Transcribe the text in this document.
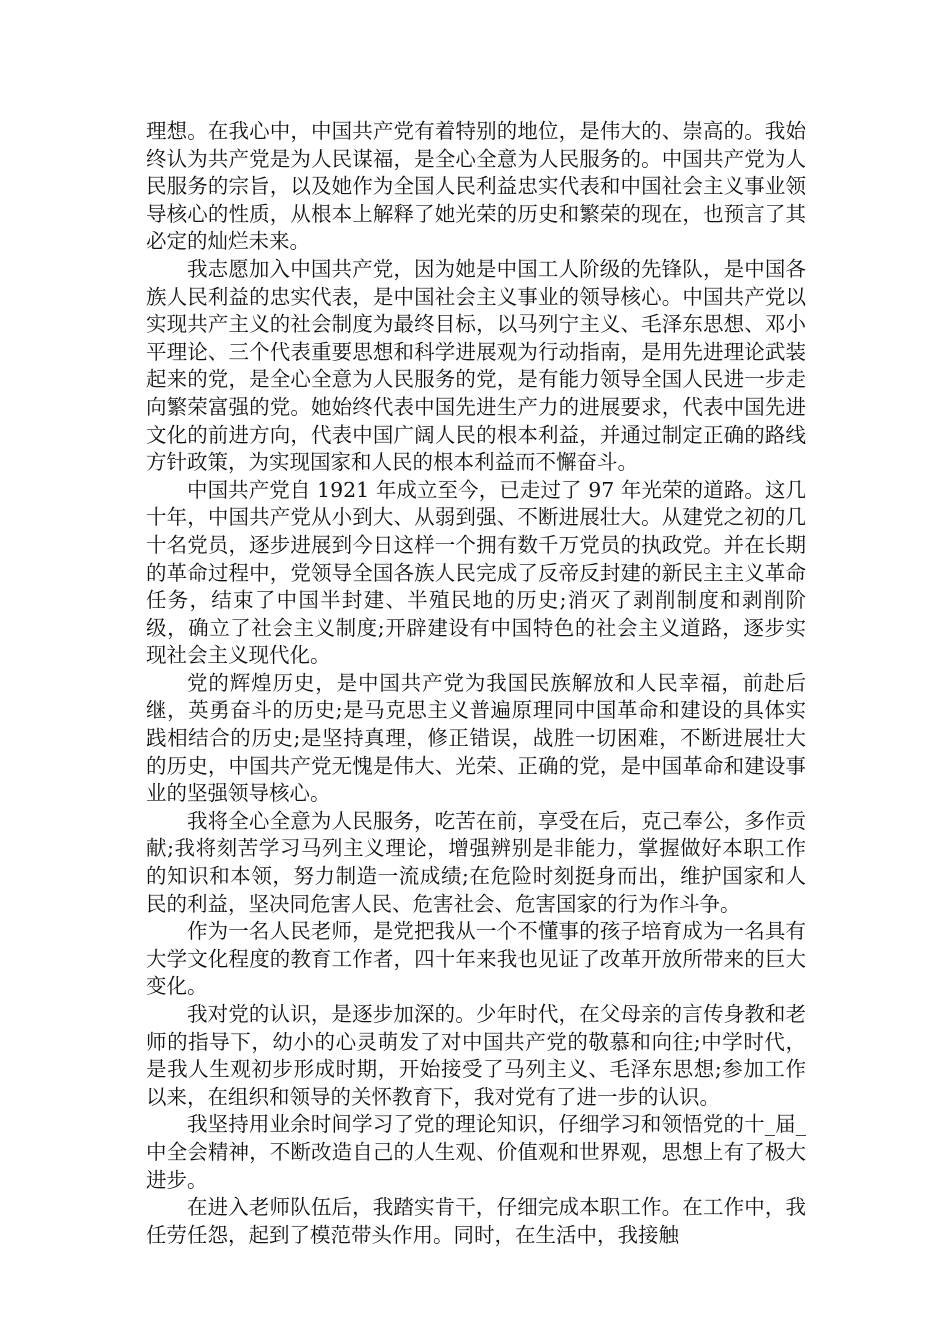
理想。在我心中，中国共产党有着特别的地位，是伟大的、崇高的。我始终认为共产党是为人民谋福，是全心全意为人民服务的。中国共产党为人民服务的宗旨，以及她作为全国人民利益忠实代表和中国社会主义事业领导核心的性质，从根本上解释了她光荣的历史和繁荣的现在，也预言了其必定的灿烂未来。

我志愿加入中国共产党，因为她是中国工人阶级的先锋队，是中国各族人民利益的忠实代表，是中国社会主义事业的领导核心。中国共产党以实现共产主义的社会制度为最终目标，以马列宁主义、毛泽东思想、邓小平理论、三个代表重要思想和科学进展观为行动指南，是用先进理论武装起来的党，是全心全意为人民服务的党，是有能力领导全国人民进一步走向繁荣富强的党。她始终代表中国先进生产力的进展要求，代表中国先进文化的前进方向，代表中国广阔人民的根本利益，并通过制定正确的路线方针政策，为实现国家和人民的根本利益而不懈奋斗。

中国共产党自 1921 年成立至今，已走过了 97 年光荣的道路。这几十年，中国共产党从小到大、从弱到强、不断进展壮大。从建党之初的几十名党员，逐步进展到今日这样一个拥有数千万党员的执政党。并在长期的革命过程中，党领导全国各族人民完成了反帝反封建的新民主主义革命任务，结束了中国半封建、半殖民地的历史;消灭了剥削制度和剥削阶级，确立了社会主义制度;开辟建设有中国特色的社会主义道路，逐步实现社会主义现代化。

党的辉煌历史，是中国共产党为我国民族解放和人民幸福，前赴后继，英勇奋斗的历史;是马克思主义普遍原理同中国革命和建设的具体实践相结合的历史;是坚持真理，修正错误，战胜一切困难，不断进展壮大的历史，中国共产党无愧是伟大、光荣、正确的党，是中国革命和建设事业的坚强领导核心。

我将全心全意为人民服务，吃苦在前，享受在后，克己奉公，多作贡献;我将刻苦学习马列主义理论，增强辨别是非能力，掌握做好本职工作的知识和本领，努力制造一流成绩;在危险时刻挺身而出，维护国家和人民的利益，坚决同危害人民、危害社会、危害国家的行为作斗争。

作为一名人民老师，是党把我从一个不懂事的孩子培育成为一名具有大学文化程度的教育工作者，四十年来我也见证了改革开放所带来的巨大变化。

我对党的认识，是逐步加深的。少年时代，在父母亲的言传身教和老师的指导下，幼小的心灵萌发了对中国共产党的敬慕和向往;中学时代，是我人生观初步形成时期，开始接受了马列主义、毛泽东思想;参加工作以来，在组织和领导的关怀教育下，我对党有了进一步的认识。

我坚持用业余时间学习了党的理论知识，仔细学习和领悟党的十_届_中全会精神，不断改造自己的人生观、价值观和世界观，思想上有了极大进步。

在进入老师队伍后，我踏实肯干，仔细完成本职工作。在工作中，我任劳任怨，起到了模范带头作用。同时，在生活中，我接触
